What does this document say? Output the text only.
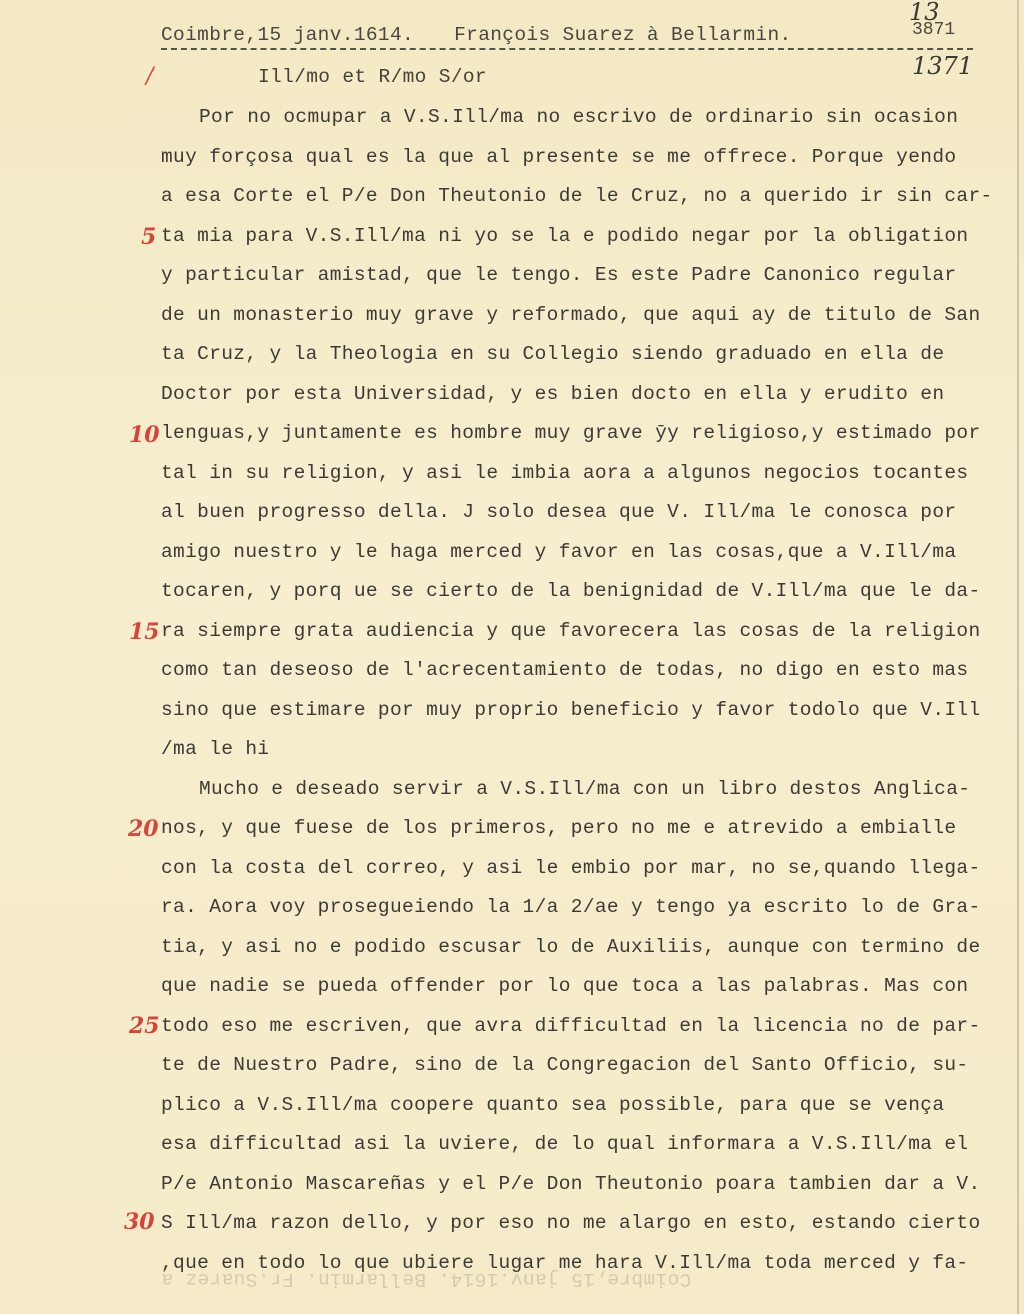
Coimbre,15 janv.1614. François Suarez à Bellarmin.
13
3871
1371
/	Ill/mo et R/mo S/or
5
10
15
20
25
30
Por no ocmupar a V.S.Ill/ma no escrivo de ordinario sin ocasion
muy forçosa qual es la que al presente se me offrece. Porque yendo
a esa Corte el P/e Don Theutonio de le Cruz, no a querido ir sin car-
ta mia para V.S.Ill/ma ni yo se la e podido negar por la obligation
y particular amistad, que le tengo. Es este Padre Canonico regular
de un monasterio muy grave y reformado, que aqui ay de titulo de San
ta Cruz, y la Theologia en su Collegio siendo graduado en ella de
Doctor por esta Universidad, y es bien docto en ella y erudito en
lenguas,y juntamente es hombre muy grave ȳy religioso,y estimado por
tal in su religion, y asi le imbia aora a algunos negocios tocantes
al buen progresso della. J solo desea que V. Ill/ma le conosca por
amigo nuestro y le haga merced y favor en las cosas,que a V.Ill/ma
tocaren, y porq ue se cierto de la benignidad de V.Ill/ma que le da-
ra siempre grata audiencia y que favorecera las cosas de la religion
como tan deseoso de l'acrecentamiento de todas, no digo en esto mas
sino que estimare por muy proprio beneficio y favor todolo que V.Ill
/ma le hi
Mucho e deseado servir a V.S.Ill/ma con un libro destos Anglica-
nos, y que fuese de los primeros, pero no me e atrevido a embialle
con la costa del correo, y asi le embio por mar, no se,quando llega-
ra. Aora voy prosegueiendo la 1/a 2/ae y tengo ya escrito lo de Gra-
tia, y asi no e podido escusar lo de Auxiliis, aunque con termino de
que nadie se pueda offender por lo que toca a las palabras. Mas con
todo eso me escriven, que avra difficultad en la licencia no de par-
te de Nuestro Padre, sino de la Congregacion del Santo Officio, su-
plico a V.S.Ill/ma coopere quanto sea possible, para que se vença
esa difficultad asi la uviere, de lo qual informara a V.S.Ill/ma el
P/e Antonio Mascareñas y el P/e Don Theutonio poara tambien dar a V.
S Ill/ma razon dello, y por eso no me alargo en esto, estando cierto
,que en todo lo que ubiere lugar me hara V.Ill/ma toda merced y fa-
Coimbre,15 janv.1614. Bellarmin. Fr.Suarez a
